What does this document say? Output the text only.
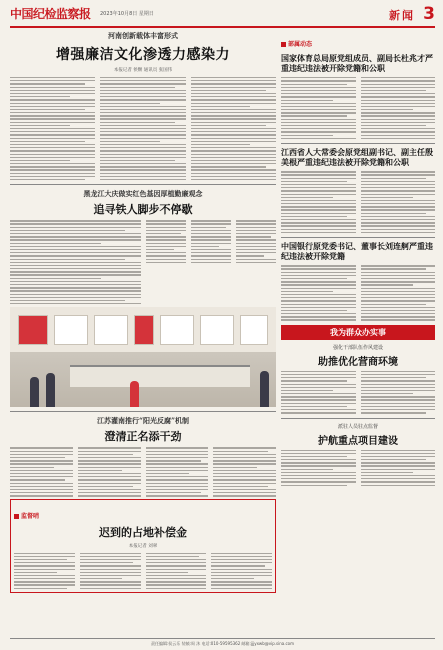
中国纪检监察报 2023年10月8日 星期日	新闻 3
河南创新载体丰富形式
增强廉洁文化渗透力感染力
本报记者 侯颗 通讯员 张国伟
黑龙江大庆做实红色基因厚植勤廉观念
追寻铁人脚步不停歇
江苏灌南推行“阳光反腐”机制
澄清正名添干劲
监督哨
迟到的占地补偿金
本报记者 刘翠
部属动态
国家体育总局原党组成员、副局长杜兆才严重违纪违法被开除党籍和公职
江西省人大常委会原党组副书记、副主任殷美根严重违纪违法被开除党籍和公职
中国银行原党委书记、董事长刘连舸严重违纪违法被开除党籍
我为群众办实事
强化干部队伍作风建设
助推优化营商环境
派驻人员驻点监督
护航重点项目建设
责任编辑:侯云乐 装帧:周 沐 电话:010-59595362 邮箱:jjjyxwb@vip.sina.com
